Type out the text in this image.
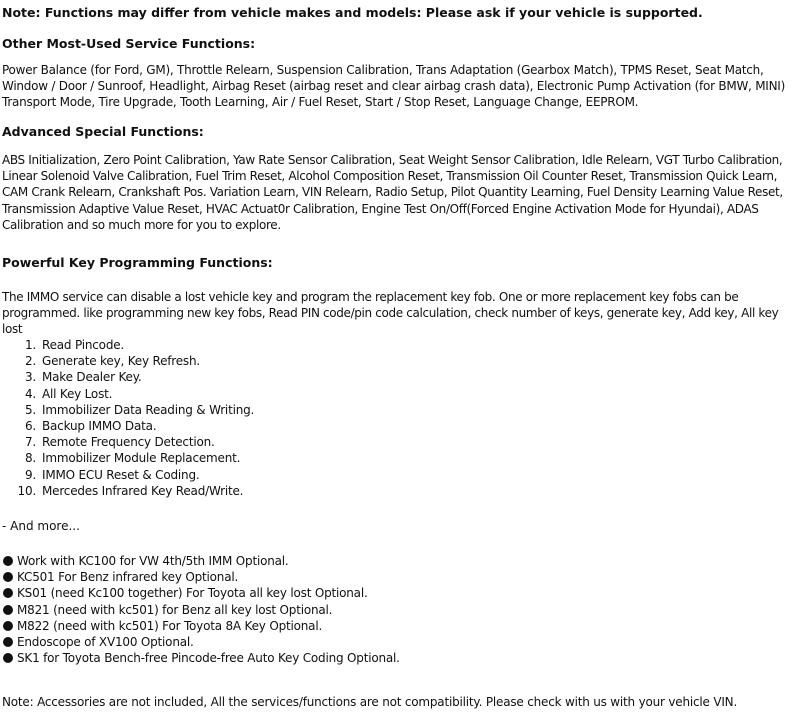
Note: Functions may differ from vehicle makes and models: Please ask if your vehicle is supported.
Other Most-Used Service Functions:
Power Balance (for Ford, GM), Throttle Relearn, Suspension Calibration, Trans Adaptation (Gearbox Match), TPMS Reset, Seat Match, Window / Door / Sunroof, Headlight, Airbag Reset (airbag reset and clear airbag crash data), Electronic Pump Activation (for BMW, MINI) Transport Mode, Tire Upgrade, Tooth Learning, Air / Fuel Reset, Start / Stop Reset, Language Change, EEPROM.
Advanced Special Functions:
ABS Initialization, Zero Point Calibration, Yaw Rate Sensor Calibration, Seat Weight Sensor Calibration, Idle Relearn, VGT Turbo Calibration, Linear Solenoid Valve Calibration, Fuel Trim Reset, Alcohol Composition Reset, Transmission Oil Counter Reset, Transmission Quick Learn, CAM Crank Relearn, Crankshaft Pos. Variation Learn, VIN Relearn, Radio Setup, Pilot Quantity Learning, Fuel Density Learning Value Reset, Transmission Adaptive Value Reset, HVAC Actuat0r Calibration, Engine Test On/Off(Forced Engine Activation Mode for Hyundai), ADAS Calibration and so much more for you to explore.
Powerful Key Programming Functions:
The IMMO service can disable a lost vehicle key and program the replacement key fob. One or more replacement key fobs can be programmed. like programming new key fobs, Read PIN code/pin code calculation, check number of keys, generate key, Add key, All key lost
1. Read Pincode.
2. Generate key, Key Refresh.
3. Make Dealer Key.
4. All Key Lost.
5. Immobilizer Data Reading & Writing.
6. Backup IMMO Data.
7. Remote Frequency Detection.
8. Immobilizer Module Replacement.
9. IMMO ECU Reset & Coding.
10. Mercedes Infrared Key Read/Write.
- And more...
Work with KC100 for VW 4th/5th IMM Optional.
KC501 For Benz infrared key Optional.
KS01 (need Kc100 together) For Toyota all key lost Optional.
M821 (need with kc501) for Benz all key lost Optional.
M822 (need with kc501) For Toyota 8A Key Optional.
Endoscope of XV100 Optional.
SK1 for Toyota Bench-free Pincode-free Auto Key Coding Optional.
Note: Accessories are not included, All the services/functions are not compatibility. Please check with us with your vehicle VIN.
